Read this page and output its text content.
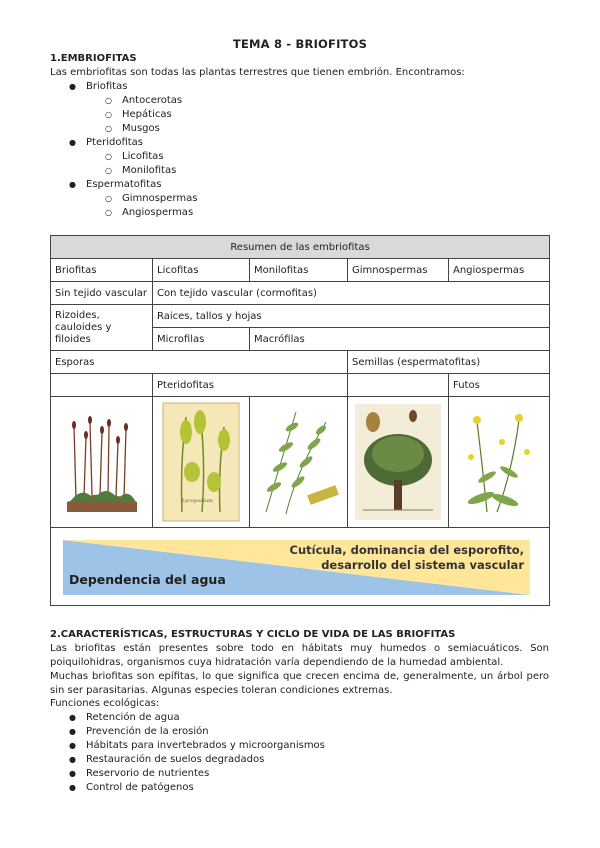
TEMA 8 - BRIOFITOS
1.EMBRIOFITAS
Las embriofitas son todas las plantas terrestres que tienen embrión. Encontramos:
● Briofitas
○ Antocerotas
○ Hepáticas
○ Musgos
● Pteridofitas
○ Licofitas
○ Monilofitas
● Espermatofitas
○ Gimnospermas
○ Angiospermas
Resumen de las embriofitas				
Briofitas	Licofitas	Monilofitas	Gimnospermas	Angiospermas
Sin tejido vascular	Con tejido vascular (cormofitas)			
Rizoides, cauloides y filoides	Raices, tallos y hojas			
	Microfilas	Macrófilas		
Esporas			Semillas (espermatofitas)	
	Pteridofitas			Futos

Lycopodium

Cutícula, dominancia del esporofito, desarrollo del sistema vascular
Dependencia del agua				
2.CARACTERÍSTICAS, ESTRUCTURAS Y CICLO DE VIDA DE LAS BRIOFITAS
Las briofitas están presentes sobre todo en hábitats muy humedos o semiacuáticos. Son poiquilohidras, organismos cuya hidratación varía dependiendo de la humedad ambiental.
Muchas briofitas son epífitas, lo que significa que crecen encima de, generalmente, un árbol pero sin ser parasitarias. Algunas especies toleran condiciones extremas.
Funciones ecológicas:
● Retención de agua
● Prevención de la erosión
● Hábitats para invertebrados y microorganismos
● Restauración de suelos degradados
● Reservorio de nutrientes
● Control de patógenos
